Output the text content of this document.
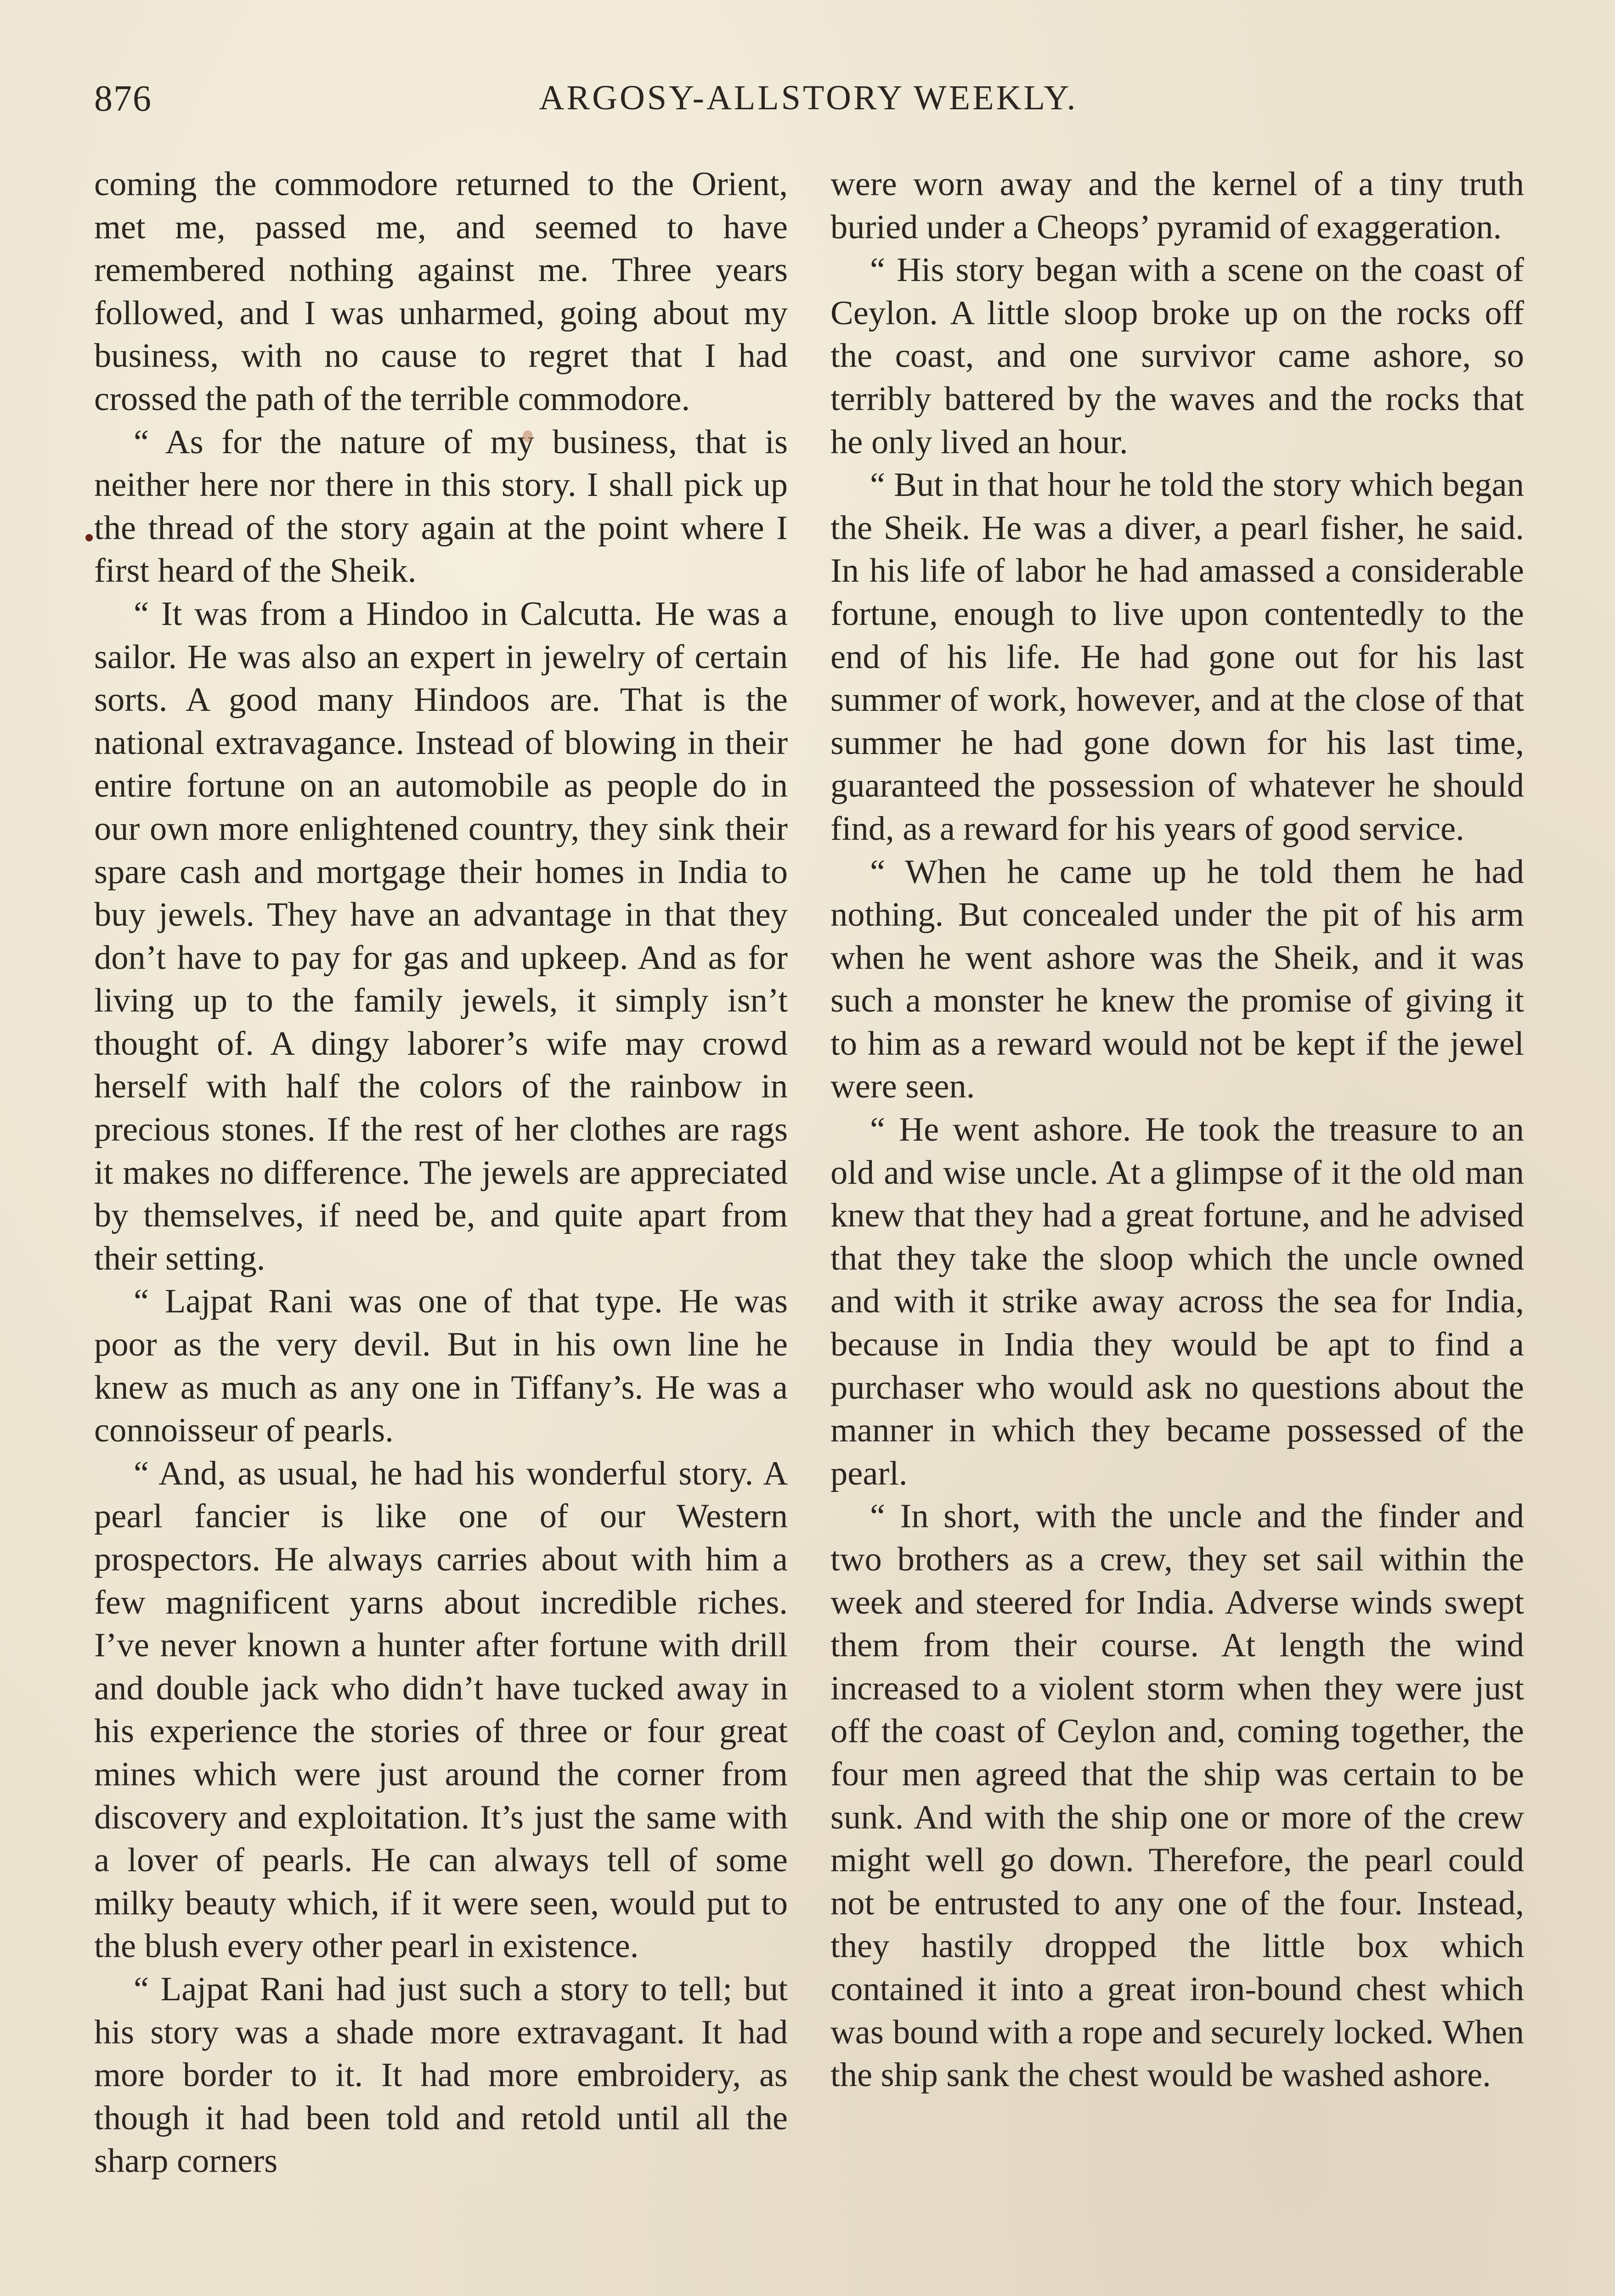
876	ARGOSY-ALLSTORY WEEKLY.

coming the commodore returned to the Orient, met me, passed me, and seemed to have remembered nothing against me. Three years followed, and I was unharmed, going about my business, with no cause to regret that I had crossed the path of the terrible commodore.

“ As for the nature of my business, that is neither here nor there in this story. I shall pick up the thread of the story again at the point where I first heard of the Sheik.

“ It was from a Hindoo in Calcutta. He was a sailor. He was also an expert in jewelry of certain sorts. A good many Hindoos are. That is the national extravagance. Instead of blowing in their entire fortune on an automobile as people do in our own more enlightened country, they sink their spare cash and mortgage their homes in India to buy jewels. They have an advantage in that they don’t have to pay for gas and upkeep. And as for living up to the family jewels, it simply isn’t thought of. A dingy laborer’s wife may crowd herself with half the colors of the rainbow in precious stones. If the rest of her clothes are rags it makes no difference. The jewels are appreciated by themselves, if need be, and quite apart from their setting.

“ Lajpat Rani was one of that type. He was poor as the very devil. But in his own line he knew as much as any one in Tiffany’s. He was a connoisseur of pearls.

“ And, as usual, he had his wonderful story. A pearl fancier is like one of our Western prospectors. He always carries about with him a few magnificent yarns about incredible riches. I’ve never known a hunter after fortune with drill and double jack who didn’t have tucked away in his experience the stories of three or four great mines which were just around the corner from discovery and exploitation. It’s just the same with a lover of pearls. He can always tell of some milky beauty which, if it were seen, would put to the blush every other pearl in existence.

“ Lajpat Rani had just such a story to tell; but his story was a shade more extravagant. It had more border to it. It had more embroidery, as though it had been told and retold until all the sharp corners

were worn away and the kernel of a tiny truth buried under a Cheops’ pyramid of exaggeration.

“ His story began with a scene on the coast of Ceylon. A little sloop broke up on the rocks off the coast, and one survivor came ashore, so terribly battered by the waves and the rocks that he only lived an hour.

“ But in that hour he told the story which began the Sheik. He was a diver, a pearl fisher, he said. In his life of labor he had amassed a considerable fortune, enough to live upon contentedly to the end of his life. He had gone out for his last summer of work, however, and at the close of that summer he had gone down for his last time, guaranteed the possession of whatever he should find, as a reward for his years of good service.

“ When he came up he told them he had nothing. But concealed under the pit of his arm when he went ashore was the Sheik, and it was such a monster he knew the promise of giving it to him as a reward would not be kept if the jewel were seen.

“ He went ashore. He took the treasure to an old and wise uncle. At a glimpse of it the old man knew that they had a great fortune, and he advised that they take the sloop which the uncle owned and with it strike away across the sea for India, because in India they would be apt to find a purchaser who would ask no questions about the manner in which they became possessed of the pearl.

“ In short, with the uncle and the finder and two brothers as a crew, they set sail within the week and steered for India. Adverse winds swept them from their course. At length the wind increased to a violent storm when they were just off the coast of Ceylon and, coming together, the four men agreed that the ship was certain to be sunk. And with the ship one or more of the crew might well go down. Therefore, the pearl could not be entrusted to any one of the four. Instead, they hastily dropped the little box which contained it into a great iron-bound chest which was bound with a rope and securely locked. When the ship sank the chest would be washed ashore.
